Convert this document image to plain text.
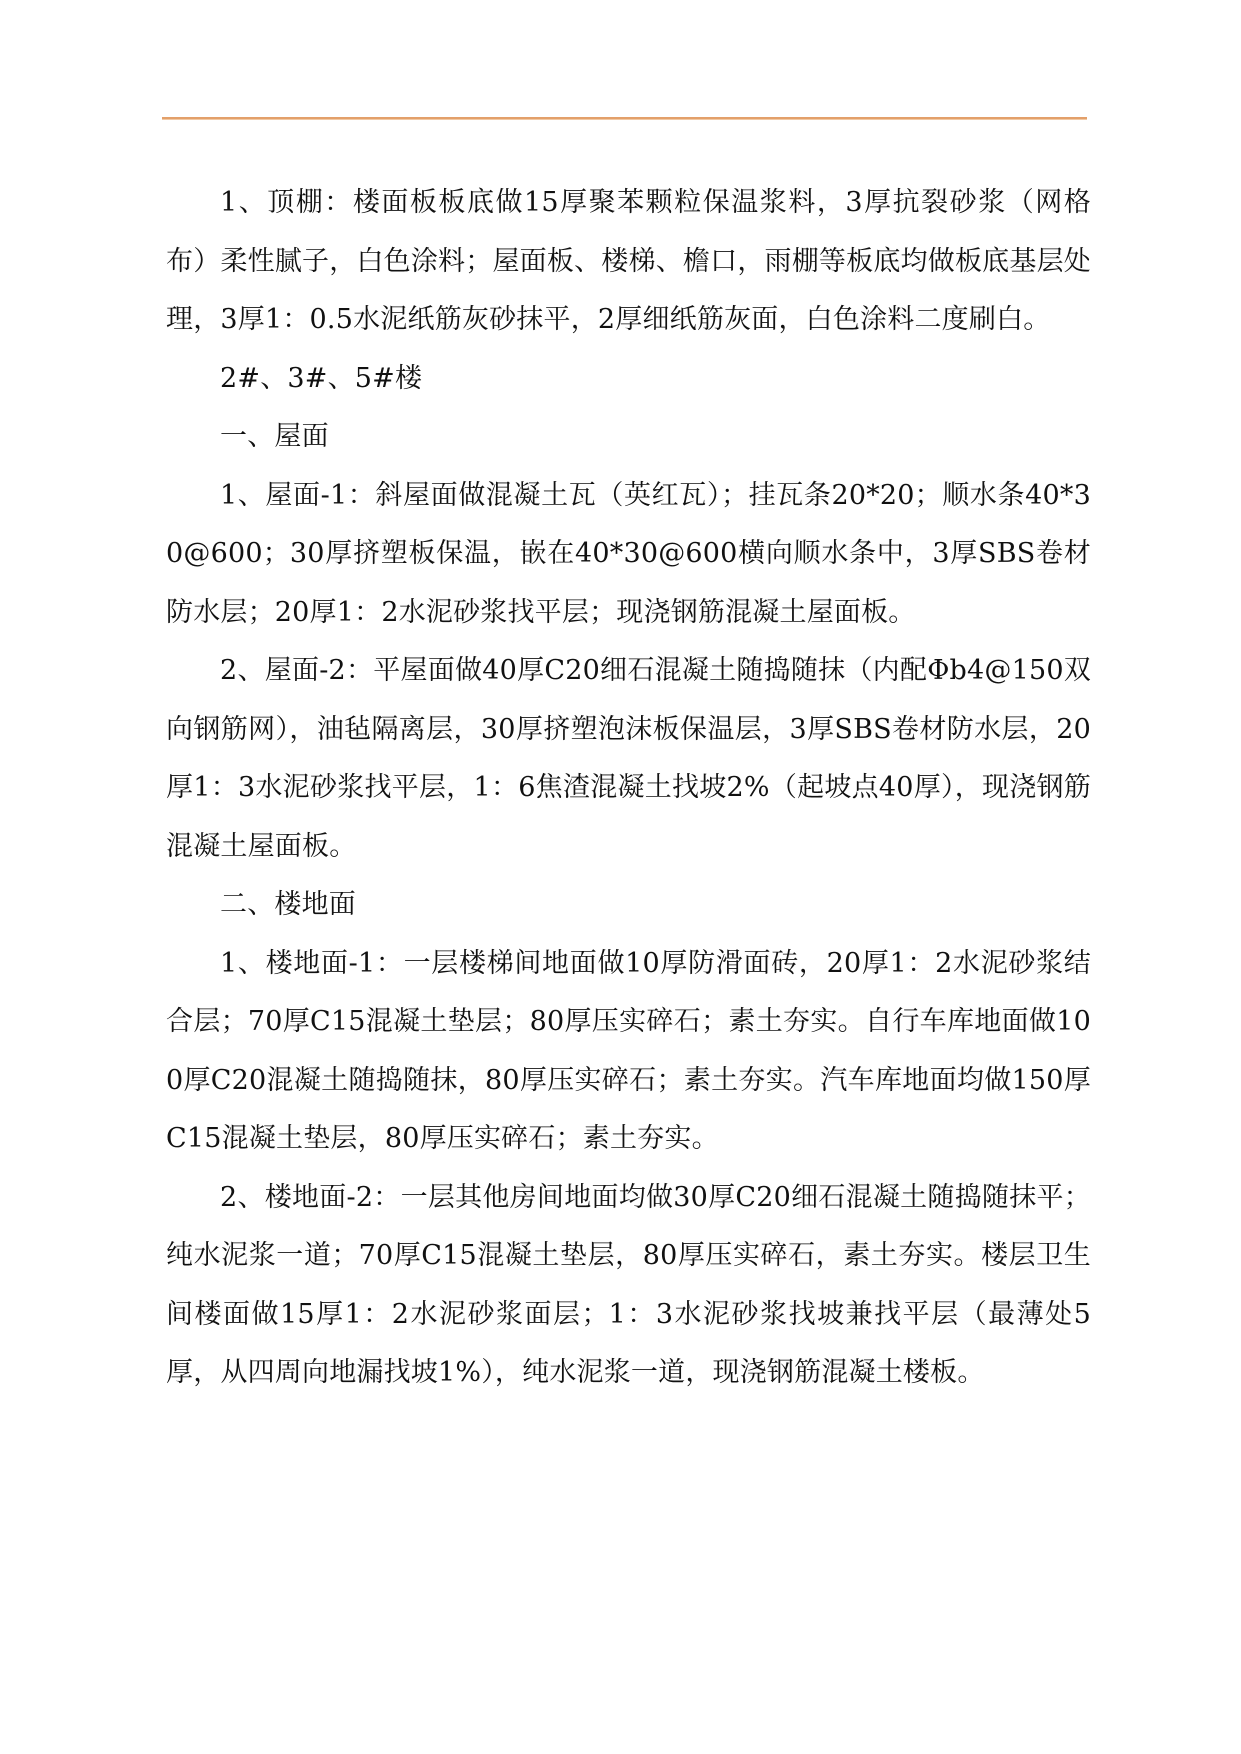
1、顶棚：楼面板板底做15厚聚苯颗粒保温浆料，3厚抗裂砂浆（网格布）柔性腻子，白色涂料；屋面板、楼梯、檐口，雨棚等板底均做板底基层处理，3厚1：0.5水泥纸筋灰砂抹平，2厚细纸筋灰面，白色涂料二度刷白。

2#、3#、5#楼

一、屋面

1、屋面-1：斜屋面做混凝土瓦（英红瓦）；挂瓦条20*20；顺水条40*30@600；30厚挤塑板保温，嵌在40*30@600横向顺水条中，3厚SBS卷材防水层；20厚1：2水泥砂浆找平层；现浇钢筋混凝土屋面板。

2、屋面-2：平屋面做40厚C20细石混凝土随捣随抹（内配Φb4@150双向钢筋网），油毡隔离层，30厚挤塑泡沫板保温层，3厚SBS卷材防水层，20厚1：3水泥砂浆找平层，1：6焦渣混凝土找坡2%（起坡点40厚），现浇钢筋混凝土屋面板。

二、楼地面

1、楼地面-1：一层楼梯间地面做10厚防滑面砖，20厚1：2水泥砂浆结合层；70厚C15混凝土垫层；80厚压实碎石；素土夯实。自行车库地面做100厚C20混凝土随捣随抹，80厚压实碎石；素土夯实。汽车库地面均做150厚C15混凝土垫层，80厚压实碎石；素土夯实。

2、楼地面-2：一层其他房间地面均做30厚C20细石混凝土随捣随抹平；纯水泥浆一道；70厚C15混凝土垫层，80厚压实碎石，素土夯实。楼层卫生间楼面做15厚1：2水泥砂浆面层；1：3水泥砂浆找坡兼找平层（最薄处5厚，从四周向地漏找坡1%），纯水泥浆一道，现浇钢筋混凝土楼板。
